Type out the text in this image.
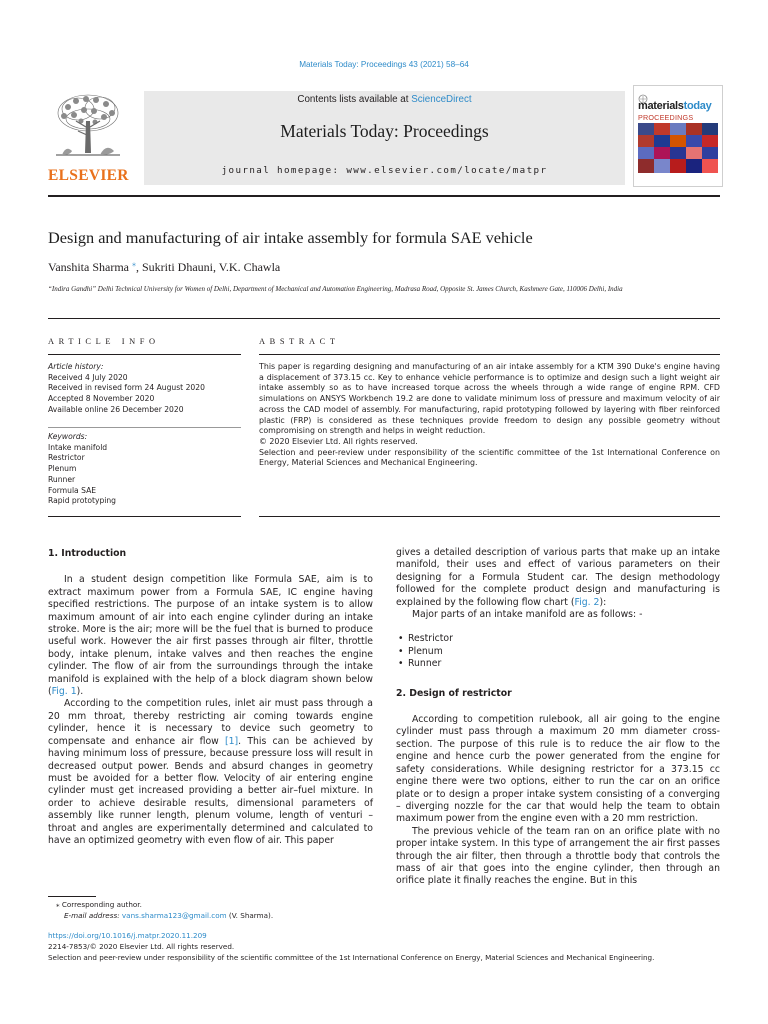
Materials Today: Proceedings 43 (2021) 58–64
ELSEVIER
Contents lists available at ScienceDirect
Materials Today: Proceedings
journal homepage: www.elsevier.com/locate/matpr
materialstoday
PROCEEDINGS
Design and manufacturing of air intake assembly for formula SAE vehicle
Vanshita Sharma ⁎, Sukriti Dhauni, V.K. Chawla
“Indira Gandhi” Delhi Technical University for Women of Delhi, Department of Mechanical and Automation Engineering, Madrasa Road, Opposite St. James Church, Kashmere Gate, 110006 Delhi, India
ARTICLE INFO	ABSTRACT
Article history:
Received 4 July 2020
Received in revised form 24 August 2020
Accepted 8 November 2020
Available online 26 December 2020
Keywords:
Intake manifold
Restrictor
Plenum
Runner
Formula SAE
Rapid prototyping

This paper is regarding designing and manufacturing of an air intake assembly for a KTM 390 Duke's engine having a displacement of 373.15 cc. Key to enhance vehicle performance is to optimize and design such a light weight air intake assembly so as to have increased torque across the wheels through a wide range of engine RPM. CFD simulations on ANSYS Workbench 19.2 are done to validate minimum loss of pressure and maximum velocity of air across the CAD model of assembly. For manufacturing, rapid prototyping followed by layering with fiber reinforced plastic (FRP) is considered as these techniques provide freedom to design any possible geometry without compromising on strength and helps in weight reduction.

© 2020 Elsevier Ltd. All rights reserved.

Selection and peer-review under responsibility of the scientific committee of the 1st International Conference on Energy, Material Sciences and Mechanical Engineering.

1. Introduction

In a student design competition like Formula SAE, aim is to extract maximum power from a Formula SAE, IC engine having specified restrictions. The purpose of an intake system is to allow maximum amount of air into each engine cylinder during an intake stroke. More is the air; more will be the fuel that is burned to produce useful work. However the air first passes through air filter, throttle body, intake plenum, intake valves and then reaches the engine cylinder. The flow of air from the surroundings through the intake manifold is explained with the help of a block diagram shown below (Fig. 1).

According to the competition rules, inlet air must pass through a 20 mm throat, thereby restricting air coming towards engine cylinder, hence it is necessary to device such geometry to compensate and enhance air flow [1]. This can be achieved by having minimum loss of pressure, because pressure loss will result in decreased output power. Bends and absurd changes in geometry must be avoided for a better flow. Velocity of air entering engine cylinder must get increased providing a better air–fuel mixture. In order to achieve desirable results, dimensional parameters of assembly like runner length, plenum volume, length of venturi – throat and angles are experimentally determined and calculated to have an optimized geometry with even flow of air. This paper

gives a detailed description of various parts that make up an intake manifold, their uses and effect of various parameters on their designing for a Formula Student car. The design methodology followed for the complete product design and manufacturing is explained by the following flow chart (Fig. 2):

Major parts of an intake manifold are as follows: -

• Restrictor
• Plenum
• Runner
2. Design of restrictor

According to competition rulebook, all air going to the engine cylinder must pass through a maximum 20 mm diameter cross-section. The purpose of this rule is to reduce the air flow to the engine and hence curb the power generated from the engine for safety considerations. While designing restrictor for a 373.15 cc engine there were two options, either to run the car on an orifice plate or to design a proper intake system consisting of a converging – diverging nozzle for the car that would help the team to obtain maximum power from the engine even with a 20 mm restriction.

The previous vehicle of the team ran on an orifice plate with no proper intake system. In this type of arrangement the air first passes through the air filter, then through a throttle body that controls the mass of air that goes into the engine cylinder, then through an orifice plate it finally reaches the engine. But in this

⁎ Corresponding author.
E-mail address: vans.sharma123@gmail.com (V. Sharma).
https://doi.org/10.1016/j.matpr.2020.11.209
2214-7853/© 2020 Elsevier Ltd. All rights reserved.
Selection and peer-review under responsibility of the scientific committee of the 1st International Conference on Energy, Material Sciences and Mechanical Engineering.
